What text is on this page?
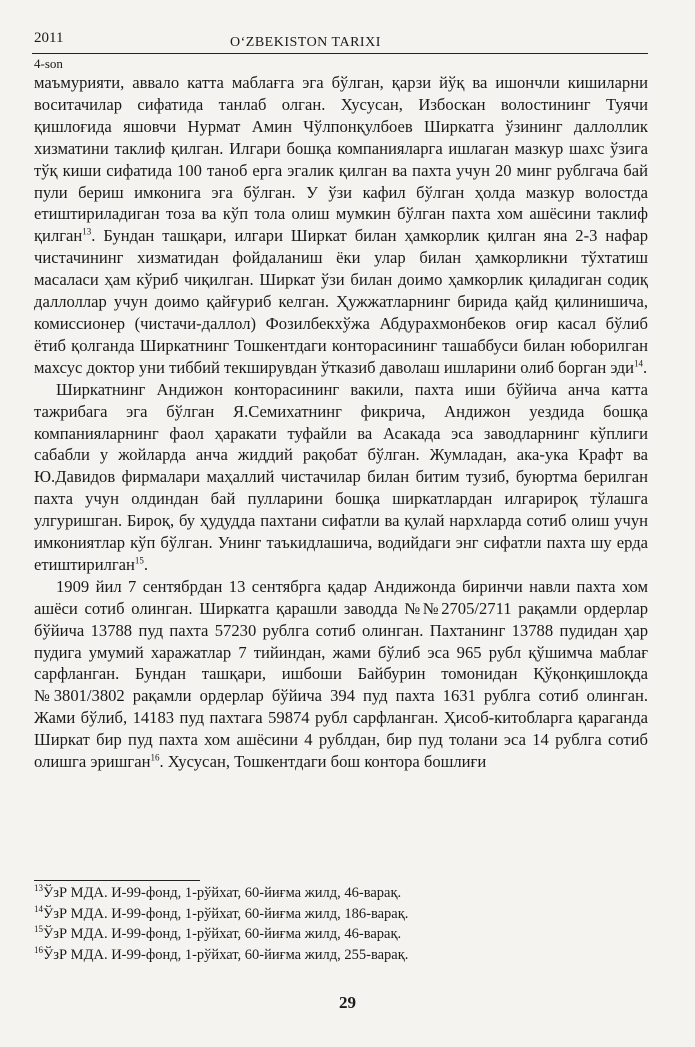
2011	O‘ZBEKISTON TARIXI
4-son

маъмурияти, аввало катта маблағга эга бўлган, қарзи йўқ ва ишончли кишиларни воситачилар сифатида танлаб олган. Хусусан, Избоскан волостининг Туячи қишлоғида яшовчи Нурмат Амин Чўлпонқулбоев Ширкатга ўзининг даллоллик хизматини таклиф қилган. Илгари бошқа компанияларга ишлаган мазкур шахс ўзига тўқ киши сифатида 100 таноб ерга эгалик қилган ва пахта учун 20 минг рублгача бай пули бериш имконига эга бўлган. У ўзи кафил бўлган ҳолда мазкур волостда етиштириладиган тоза ва кўп тола олиш мумкин бўлган пахта хом ашёсини таклиф қилган$^{13}$. Бундан ташқари, илгари Ширкат билан ҳамкорлик қилган яна 2-3 нафар чистачининг хизматидан фойдаланиш ёки улар билан ҳамкорликни тўхтатиш масаласи ҳам кўриб чиқилган. Ширкат ўзи билан доимо ҳамкорлик қиладиган содиқ даллоллар учун доимо қайғуриб келган. Ҳужжатларнинг бирида қайд қилинишича, комиссионер (чистачи-даллол) Фозилбекхўжа Абдурахмонбеков оғир касал бўлиб ётиб қолганда Ширкатнинг Тошкентдаги конторасининг ташаббуси билан юборилган махсус доктор уни тиббий текширувдан ўтказиб даволаш ишларини олиб борган эди$^{14}$.

Ширкатнинг Андижон конторасининг вакили, пахта иши бўйича анча катта тажрибага эга бўлган Я.Семихатнинг фикрича, Андижон уездида бошқа компанияларнинг фаол ҳаракати туфайли ва Асакада эса заводларнинг кўплиги сабабли у жойларда анча жиддий рақобат бўлган. Жумладан, ака-ука Крафт ва Ю.Давидов фирмалари маҳаллий чистачилар билан битим тузиб, буюртма берилган пахта учун олдиндан бай пулларини бошқа ширкатлардан илгарироқ тўлашга улгуришган. Бироқ, бу ҳудудда пахтани сифатли ва қулай нархларда сотиб олиш учун имкониятлар кўп бўлган. Унинг таъкидлашича, водийдаги энг сифатли пахта шу ерда етиштирилган$^{15}$.

1909 йил 7 сентябрдан 13 сентябрга қадар Андижонда биринчи навли пахта хом ашёси сотиб олинган. Ширкатга қарашли заводда №№2705/2711 рақамли ордерлар бўйича 13788 пуд пахта 57230 рублга сотиб олинган. Пахтанинг 13788 пудидан ҳар пудига умумий харажатлар 7 тийиндан, жами бўлиб эса 965 рубл қўшимча маблағ сарфланган. Бундан ташқари, ишбоши Байбурин томонидан Қўқонқишлоқда №3801/3802 рақамли ордерлар бўйича 394 пуд пахта 1631 рублга сотиб олинган. Жами бўлиб, 14183 пуд пахтага 59874 рубл сарфланган. Ҳисоб-китобларга қараганда Ширкат бир пуд пахта хом ашёсини 4 рублдан, бир пуд толани эса 14 рублга сотиб олишга эришган$^{16}$. Хусусан, Тошкентдаги бош контора бошлиғи

$^{13}$ЎзР МДА. И-99-фонд, 1-рўйхат, 60-йиғма жилд, 46-варақ.
$^{14}$ЎзР МДА. И-99-фонд, 1-рўйхат, 60-йиғма жилд, 186-варақ.
$^{15}$ЎзР МДА. И-99-фонд, 1-рўйхат, 60-йиғма жилд, 46-варақ.
$^{16}$ЎзР МДА. И-99-фонд, 1-рўйхат, 60-йиғма жилд, 255-варақ.
29
